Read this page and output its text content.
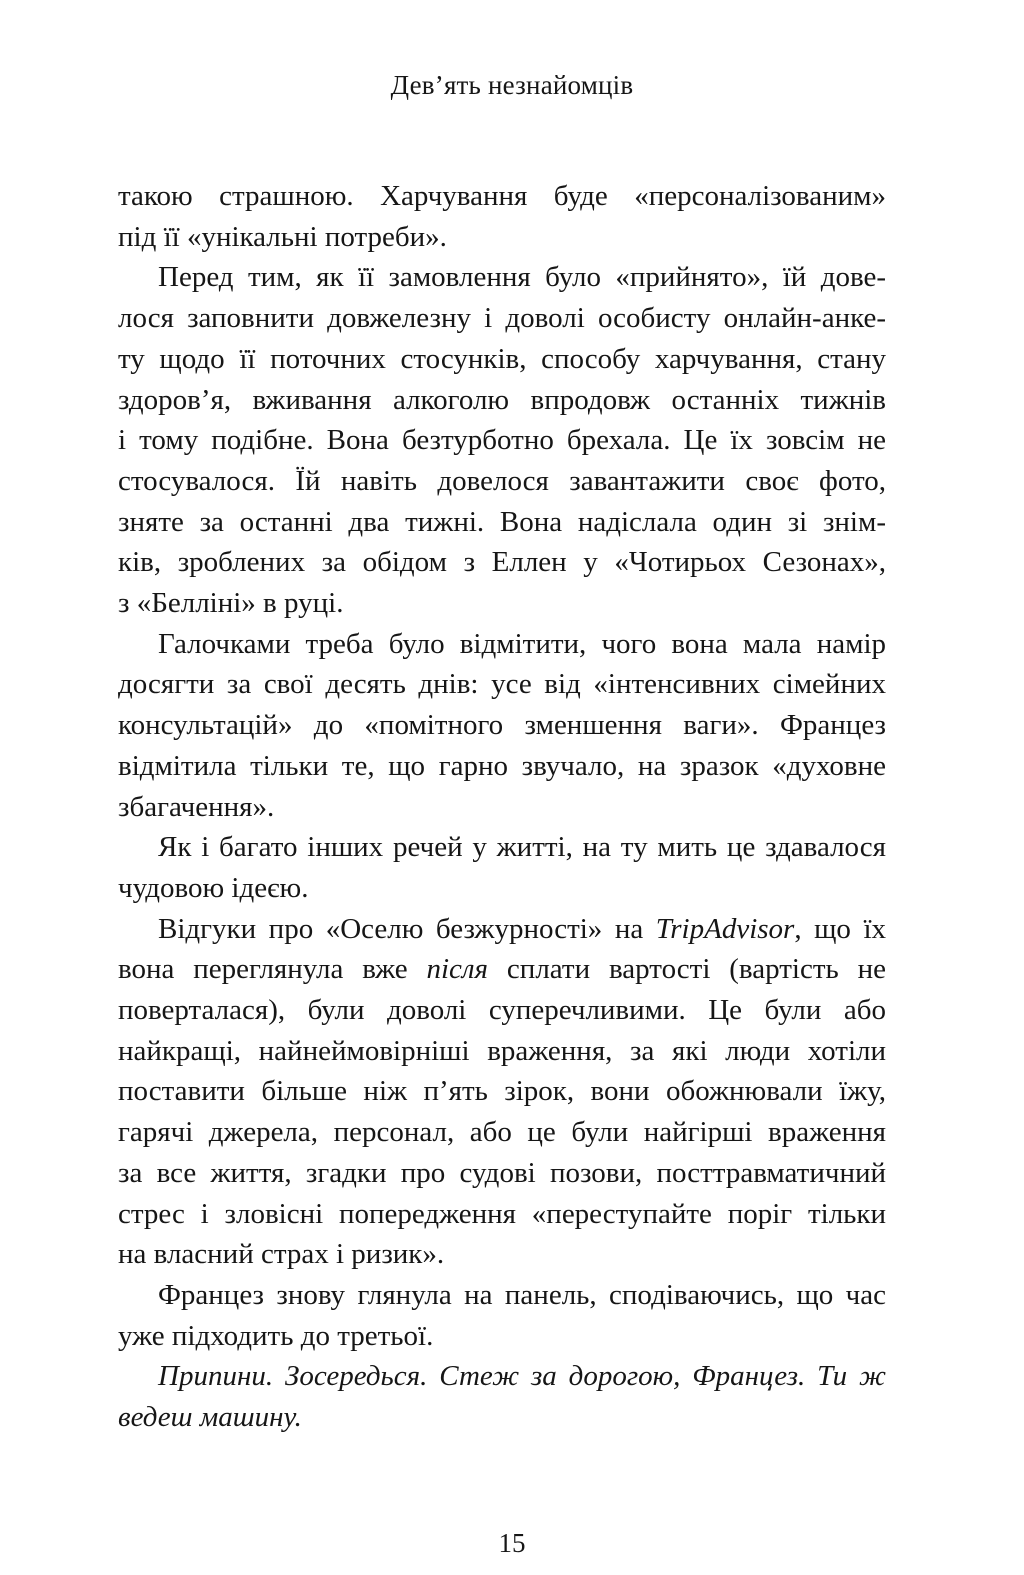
Дев’ять незнайомців

такою страшною. Харчування буде «персоналізованим»
під її «унікальні потреби».

Перед тим, як її замовлення було «прийнято», їй дове-
лося заповнити довжелезну і доволі особисту онлайн-анке-
ту щодо її поточних стосунків, способу харчування, стану
здоров’я, вживання алкоголю впродовж останніх тижнів
і тому подібне. Вона безтурботно брехала. Це їх зовсім не
стосувалося. Їй навіть довелося завантажити своє фото,
зняте за останні два тижні. Вона надіслала один зі знім-
ків, зроблених за обідом з Еллен у «Чотирьох Сезонах»,
з «Белліні» в руці.

Галочками треба було відмітити, чого вона мала намір
досягти за свої десять днів: усе від «інтенсивних сімейних
консультацій» до «помітного зменшення ваги». Францез
відмітила тільки те, що гарно звучало, на зразок «духовне
збагачення».

Як і багато інших речей у житті, на ту мить це здавалося
чудовою ідеєю.

Відгуки про «Оселю безжурності» на TripAdvisor, що їх
вона переглянула вже після сплати вартості (вартість не
поверталася), були доволі суперечливими. Це були або
найкращі, найнеймовірніші враження, за які люди хотіли
поставити більше ніж п’ять зірок, вони обожнювали їжу,
гарячі джерела, персонал, або це були найгірші враження
за все життя, згадки про судові позови, посттравматичний
стрес і зловісні попередження «переступайте поріг тільки
на власний страх і ризик».

Францез знову глянула на панель, сподіваючись, що час
уже підходить до третьої.

Припини. Зосередься. Стеж за дорогою, Францез. Ти ж
ведеш машину.

15
